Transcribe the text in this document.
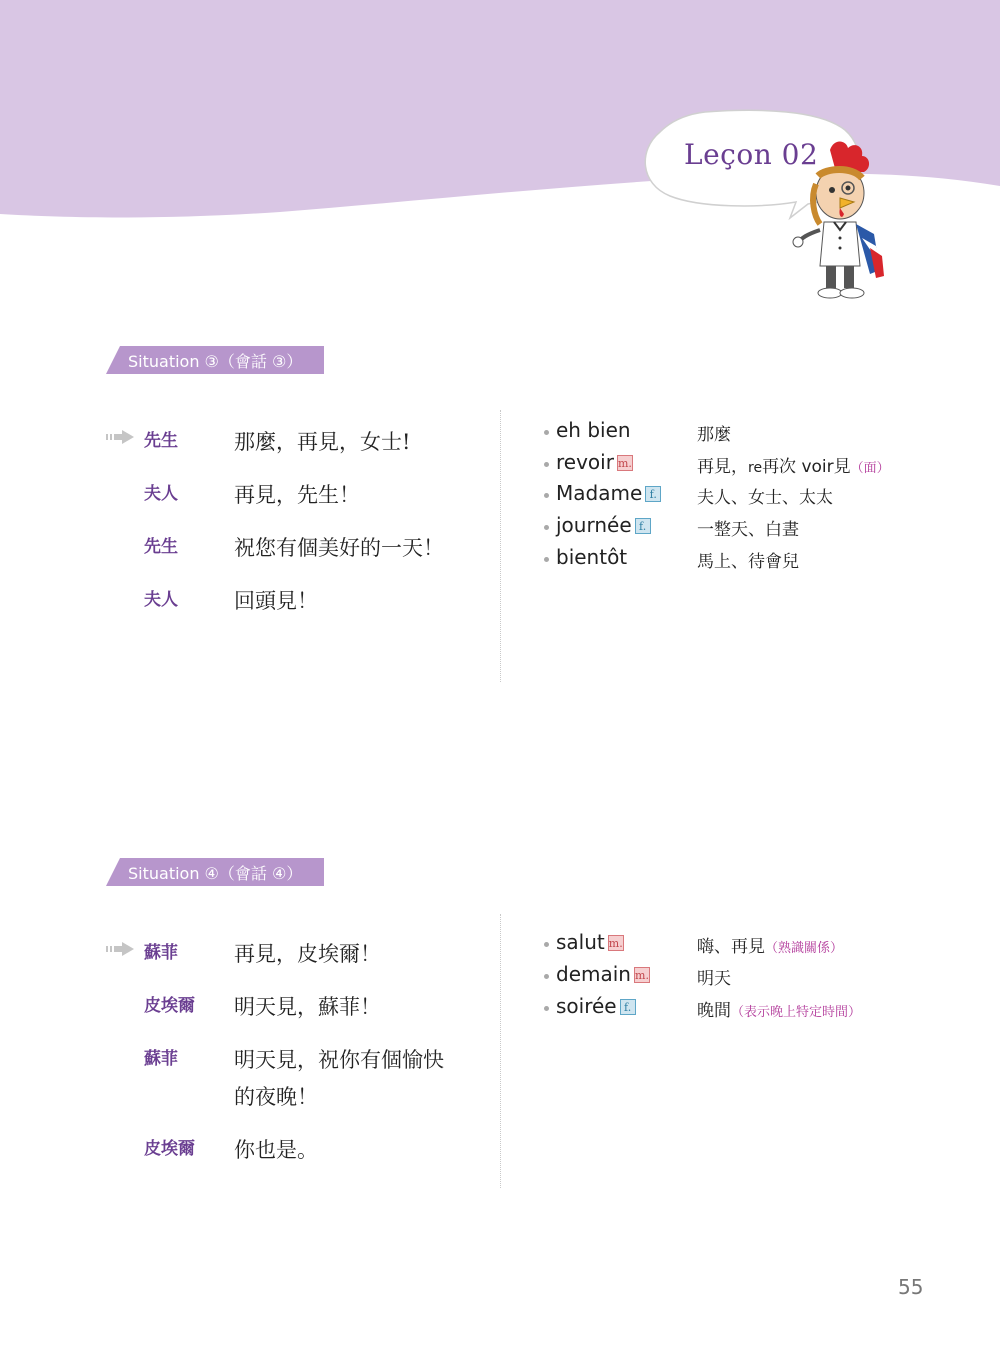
Leçon 02
Situation ③（會話 ③）
先生	那麼，再見，女士!
夫人	再見，先生！
先生	祝您有個美好的一天！
夫人	回頭見！
eh bien	那麼
revoir m.	再見，re再次 voir見（面）
Madame f. 夫人、女士、太太
journée f.	一整天、白晝
bientôt	馬上、待會兒
Situation ④（會話 ④）
蘇菲	再見，皮埃爾！
皮埃爾 明天見，蘇菲！
蘇菲	明天見，祝你有個愉快的夜晚！
皮埃爾 你也是。
salut m.	嗨、再見（熟識關係）
demain m.	明天
soirée f.	晚間（表示晚上特定時間）
55
